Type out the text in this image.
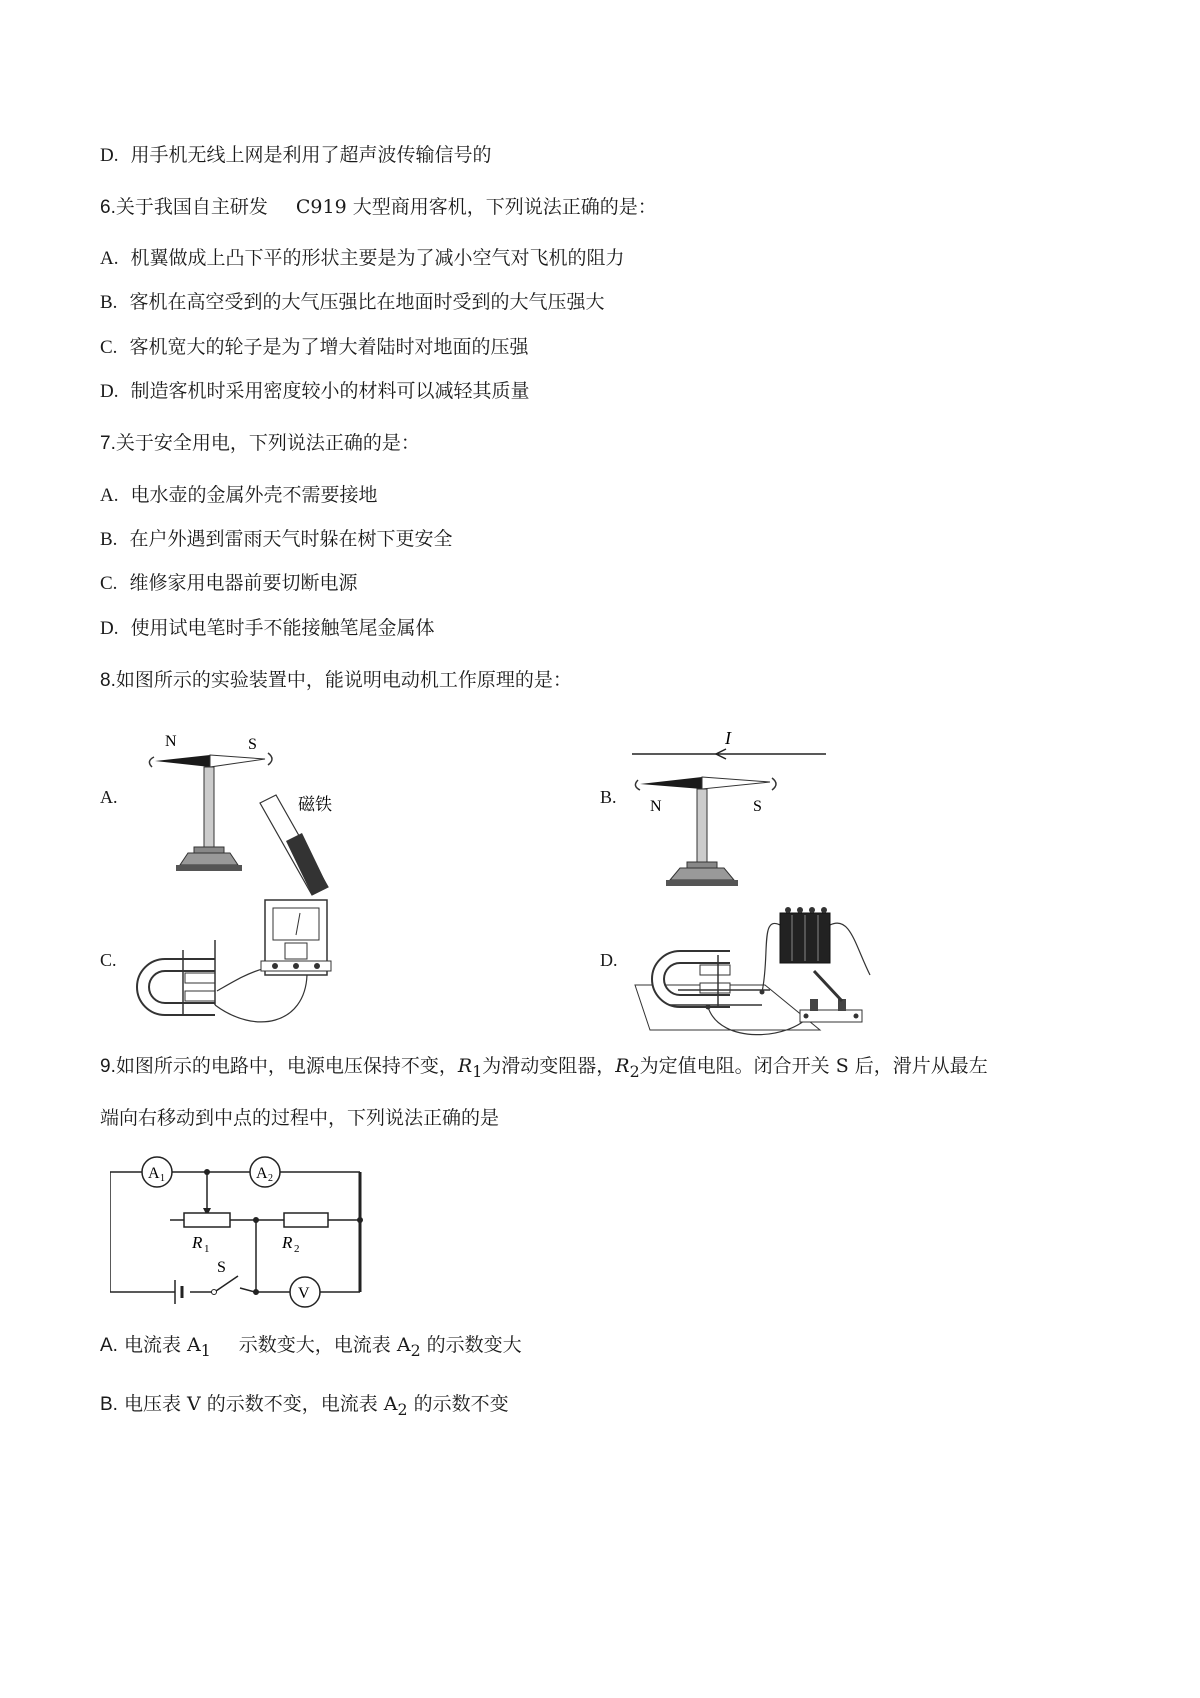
D. 用手机无线上网是利用了超声波传输信号的
6.关于我国自主研发 C919 大型商用客机，下列说法正确的是：
A. 机翼做成上凸下平的形状主要是为了减小空气对飞机的阻力
B. 客机在高空受到的大气压强比在地面时受到的大气压强大
C. 客机宽大的轮子是为了增大着陆时对地面的压强
D. 制造客机时采用密度较小的材料可以减轻其质量
7.关于安全用电，下列说法正确的是：
A. 电水壶的金属外壳不需要接地
B. 在户外遇到雷雨天气时躲在树下更安全
C. 维修家用电器前要切断电源
D. 使用试电笔时手不能接触笔尾金属体
8.如图所示的实验装置中，能说明电动机工作原理的是：
A.	B.
C.	D.
N	S
磁铁
I
N	S
9.如图所示的电路中，电源电压保持不变，$R_1$为滑动变阻器，$R_2$为定值电阻。闭合开关 S 后，滑片从最左
端向右移动到中点的过程中，下列说法正确的是
A 1	A 2
R 1	R 2
S
V
A. 电流表 $A_1$ 示数变大，电流表 $A_2$ 的示数变大
B. 电压表 V 的示数不变，电流表 $A_2$ 的示数不变
